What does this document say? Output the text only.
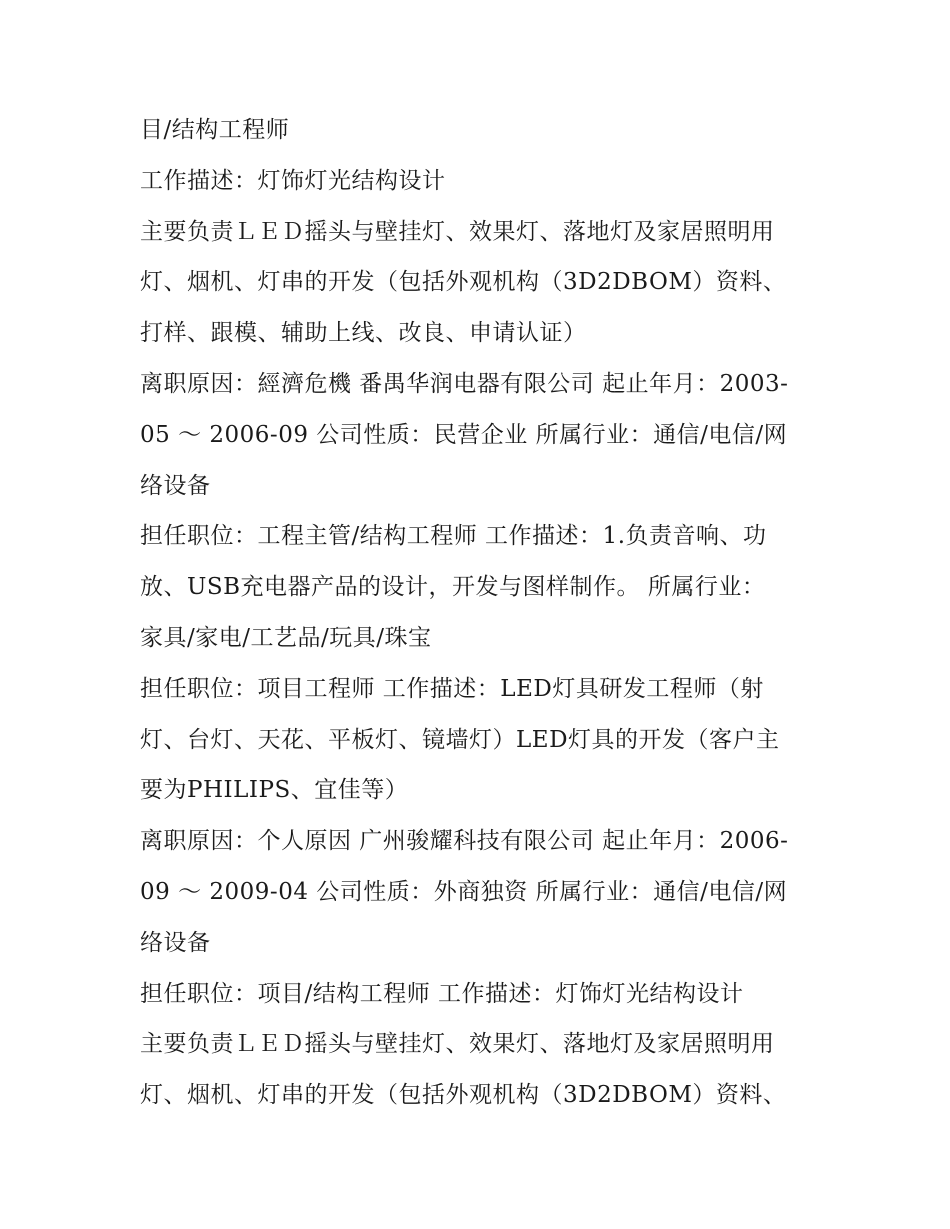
目/结构工程师
工作描述：灯饰灯光结构设计
主要负责ＬＥＤ摇头与壁挂灯、效果灯、落地灯及家居照明用
灯、烟机、灯串的开发（包括外观机构（3D2DBOM）资料、
打样、跟模、辅助上线、改良、申请认证）
离职原因：經濟危機 番禺华润电器有限公司 起止年月：2003-
05 ～ 2006-09 公司性质：民营企业 所属行业：通信/电信/网
络设备
担任职位：工程主管/结构工程师 工作描述：1.负责音响、功
放、USB充电器产品的设计，开发与图样制作。 所属行业：
家具/家电/工艺品/玩具/珠宝
担任职位：项目工程师 工作描述：LED灯具研发工程师（射
灯、台灯、天花、平板灯、镜墙灯）LED灯具的开发（客户主
要为PHILIPS、宜佳等）
离职原因：个人原因 广州骏耀科技有限公司 起止年月：2006-
09 ～ 2009-04 公司性质：外商独资 所属行业：通信/电信/网
络设备
担任职位：项目/结构工程师 工作描述：灯饰灯光结构设计
主要负责ＬＥＤ摇头与壁挂灯、效果灯、落地灯及家居照明用
灯、烟机、灯串的开发（包括外观机构（3D2DBOM）资料、
